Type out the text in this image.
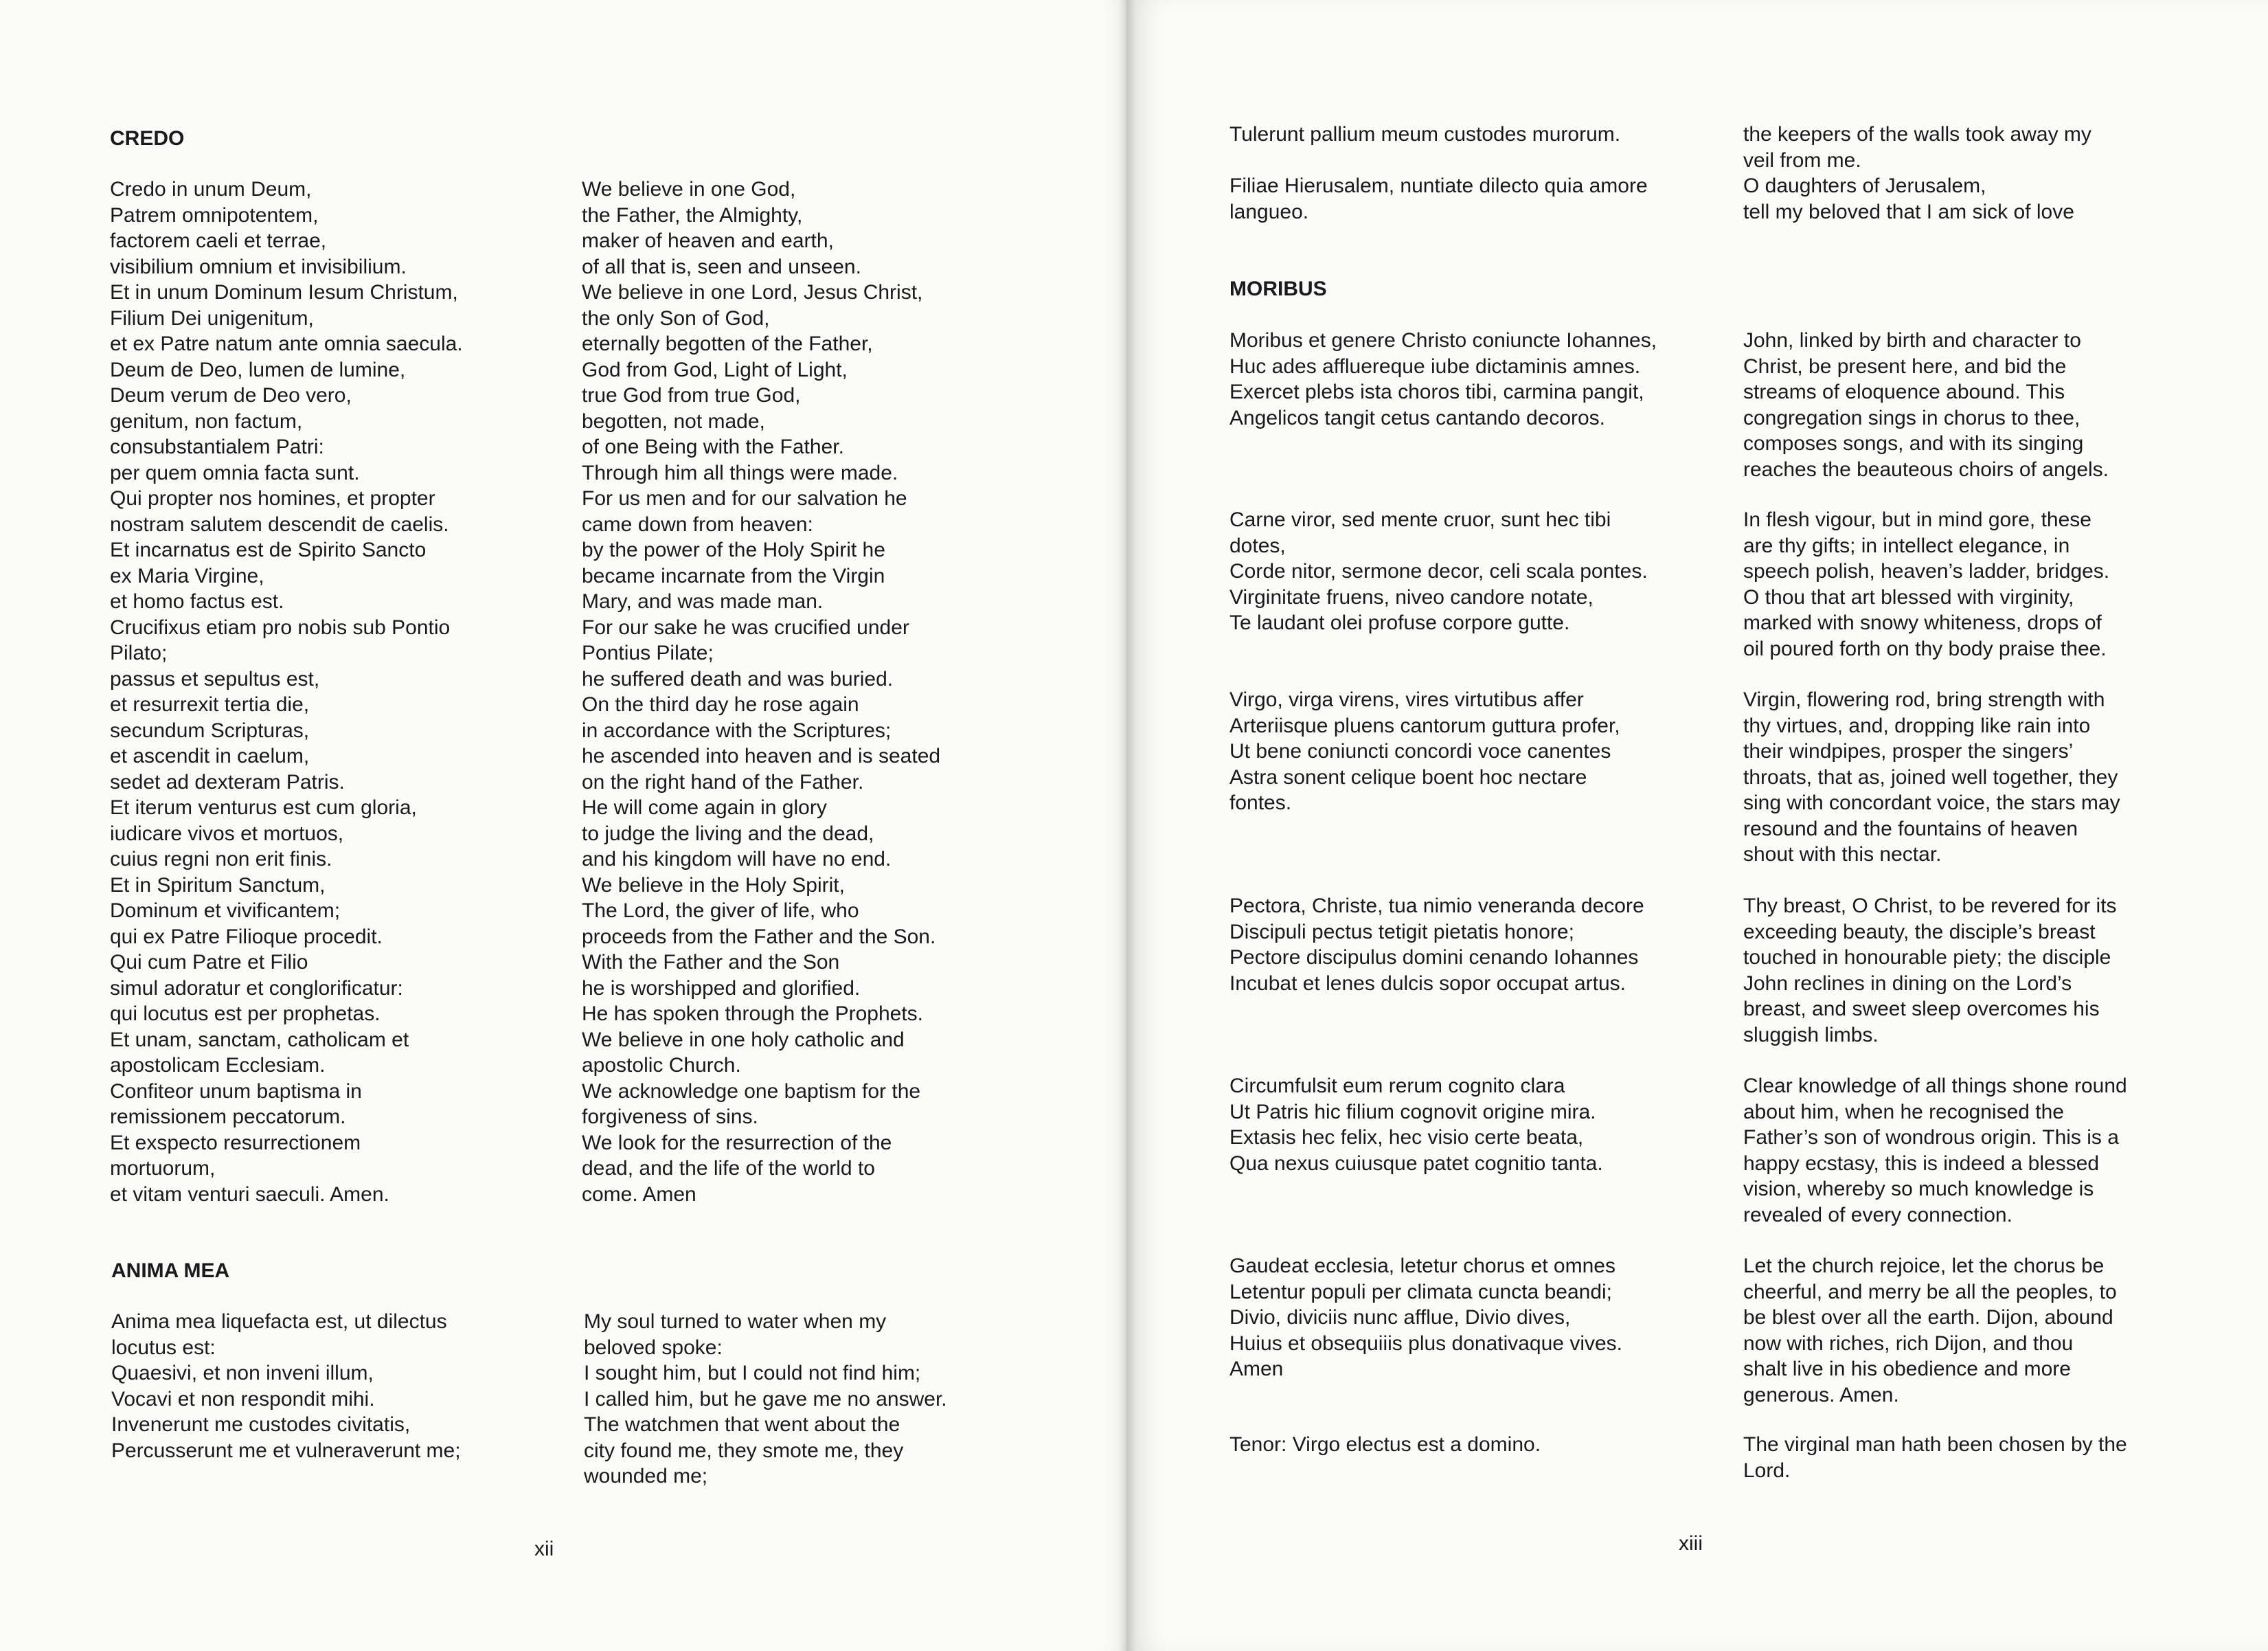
CREDO
Credo in unum Deum,
Patrem omnipotentem,
factorem caeli et terrae,
visibilium omnium et invisibilium.
Et in unum Dominum Iesum Christum,
Filium Dei unigenitum,
et ex Patre natum ante omnia saecula.
Deum de Deo, lumen de lumine,
Deum verum de Deo vero,
genitum, non factum,
consubstantialem Patri:
per quem omnia facta sunt.
Qui propter nos homines, et propter
nostram salutem descendit de caelis.
Et incarnatus est de Spirito Sancto
ex Maria Virgine,
et homo factus est.
Crucifixus etiam pro nobis sub Pontio
Pilato;
passus et sepultus est,
et resurrexit tertia die,
secundum Scripturas,
et ascendit in caelum,
sedet ad dexteram Patris.
Et iterum venturus est cum gloria,
iudicare vivos et mortuos,
cuius regni non erit finis.
Et in Spiritum Sanctum,
Dominum et vivificantem;
qui ex Patre Filioque procedit.
Qui cum Patre et Filio
simul adoratur et conglorificatur:
qui locutus est per prophetas.
Et unam, sanctam, catholicam et
apostolicam Ecclesiam.
Confiteor unum baptisma in
remissionem peccatorum.
Et exspecto resurrectionem
mortuorum,
et vitam venturi saeculi. Amen.
We believe in one God,
the Father, the Almighty,
maker of heaven and earth,
of all that is, seen and unseen.
We believe in one Lord, Jesus Christ,
the only Son of God,
eternally begotten of the Father,
God from God, Light of Light,
true God from true God,
begotten, not made,
of one Being with the Father.
Through him all things were made.
For us men and for our salvation he
came down from heaven:
by the power of the Holy Spirit he
became incarnate from the Virgin
Mary, and was made man.
For our sake he was crucified under
Pontius Pilate;
he suffered death and was buried.
On the third day he rose again
in accordance with the Scriptures;
he ascended into heaven and is seated
on the right hand of the Father.
He will come again in glory
to judge the living and the dead,
and his kingdom will have no end.
We believe in the Holy Spirit,
The Lord, the giver of life, who
proceeds from the Father and the Son.
With the Father and the Son
he is worshipped and glorified.
He has spoken through the Prophets.
We believe in one holy catholic and
apostolic Church.
We acknowledge one baptism for the
forgiveness of sins.
We look for the resurrection of the
dead, and the life of the world to
come. Amen
ANIMA MEA
Anima mea liquefacta est, ut dilectus
locutus est:
Quaesivi, et non inveni illum,
Vocavi et non respondit mihi.
Invenerunt me custodes civitatis,
Percusserunt me et vulneraverunt me;
My soul turned to water when my
beloved spoke:
I sought him, but I could not find him;
I called him, but he gave me no answer.
The watchmen that went about the
city found me, they smote me, they
wounded me;
xii
Tulerunt pallium meum custodes murorum.
Filiae Hierusalem, nuntiate dilecto quia amore
langueo.
the keepers of the walls took away my
veil from me.
O daughters of Jerusalem,
tell my beloved that I am sick of love
MORIBUS
Moribus et genere Christo coniuncte Iohannes,
Huc ades affluereque iube dictaminis amnes.
Exercet plebs ista choros tibi, carmina pangit,
Angelicos tangit cetus cantando decoros.
John, linked by birth and character to
Christ, be present here, and bid the
streams of eloquence abound. This
congregation sings in chorus to thee,
composes songs, and with its singing
reaches the beauteous choirs of angels.
Carne viror, sed mente cruor, sunt hec tibi
dotes,
Corde nitor, sermone decor, celi scala pontes.
Virginitate fruens, niveo candore notate,
Te laudant olei profuse corpore gutte.
In flesh vigour, but in mind gore, these
are thy gifts; in intellect elegance, in
speech polish, heaven’s ladder, bridges.
O thou that art blessed with virginity,
marked with snowy whiteness, drops of
oil poured forth on thy body praise thee.
Virgo, virga virens, vires virtutibus affer
Arteriisque pluens cantorum guttura profer,
Ut bene coniuncti concordi voce canentes
Astra sonent celique boent hoc nectare
fontes.
Virgin, flowering rod, bring strength with
thy virtues, and, dropping like rain into
their windpipes, prosper the singers’
throats, that as, joined well together, they
sing with concordant voice, the stars may
resound and the fountains of heaven
shout with this nectar.
Pectora, Christe, tua nimio veneranda decore
Discipuli pectus tetigit pietatis honore;
Pectore discipulus domini cenando Iohannes
Incubat et lenes dulcis sopor occupat artus.
Thy breast, O Christ, to be revered for its
exceeding beauty, the disciple’s breast
touched in honourable piety; the disciple
John reclines in dining on the Lord’s
breast, and sweet sleep overcomes his
sluggish limbs.
Circumfulsit eum rerum cognito clara
Ut Patris hic filium cognovit origine mira.
Extasis hec felix, hec visio certe beata,
Qua nexus cuiusque patet cognitio tanta.
Clear knowledge of all things shone round
about him, when he recognised the
Father’s son of wondrous origin. This is a
happy ecstasy, this is indeed a blessed
vision, whereby so much knowledge is
revealed of every connection.
Gaudeat ecclesia, letetur chorus et omnes
Letentur populi per climata cuncta beandi;
Divio, diviciis nunc afflue, Divio dives,
Huius et obsequiiis plus donativaque vives.
Amen
Let the church rejoice, let the chorus be
cheerful, and merry be all the peoples, to
be blest over all the earth. Dijon, abound
now with riches, rich Dijon, and thou
shalt live in his obedience and more
generous. Amen.
Tenor: Virgo electus est a domino.	The virginal man hath been chosen by the
Lord.
xiii
